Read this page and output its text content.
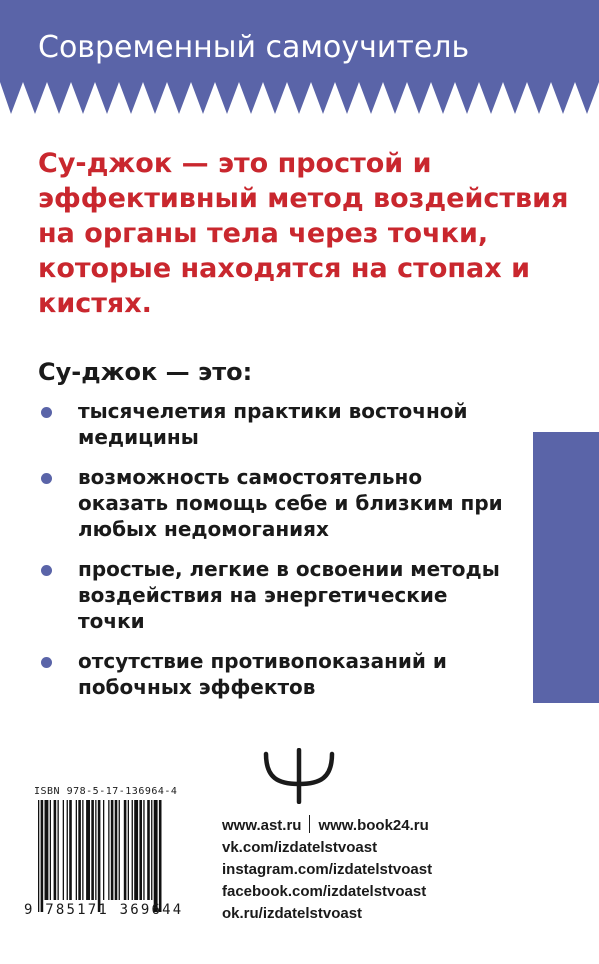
Современный самоучитель
Су-джок — это простой и эффективный метод воздействия на органы тела через точки, которые находятся на стопах и кистях.
Су-джок — это:
тысячелетия практики восточной медицины
возможность самостоятельно оказать помощь себе и близким при любых недомоганиях
простые, легкие в освоении методы воздействия на энергетические точки
отсутствие противопоказаний и побочных эффектов
www.ast.ru www.book24.ru
vk.com/izdatelstvoast
instagram.com/izdatelstvoast
facebook.com/izdatelstvoast
ok.ru/izdatelstvoast
ISBN 978-5-17-136964-4
9 785171 369644
